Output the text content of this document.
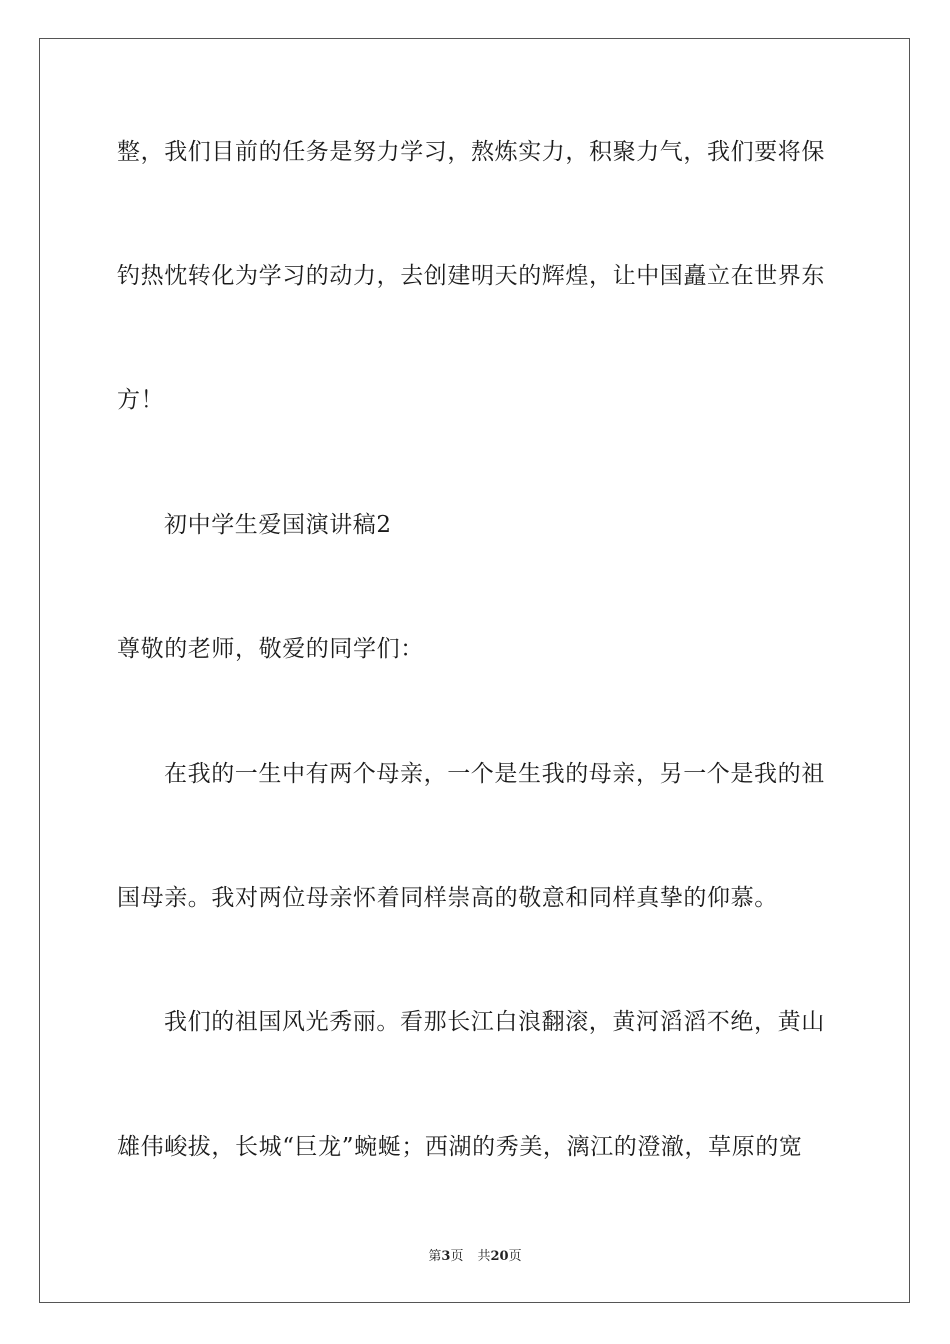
整，我们目前的任务是努力学习，熬炼实力，积聚力气，我们要将保
钓热忱转化为学习的动力，去创建明天的辉煌，让中国矗立在世界东
方！
初中学生爱国演讲稿2
尊敬的老师，敬爱的同学们：
在我的一生中有两个母亲，一个是生我的母亲，另一个是我的祖
国母亲。我对两位母亲怀着同样崇高的敬意和同样真挚的仰慕。
我们的祖国风光秀丽。看那长江白浪翻滚，黄河滔滔不绝，黄山
雄伟峻拔，长城“巨龙”蜿蜒；西湖的秀美，漓江的澄澈，草原的宽
第3页 共20页
